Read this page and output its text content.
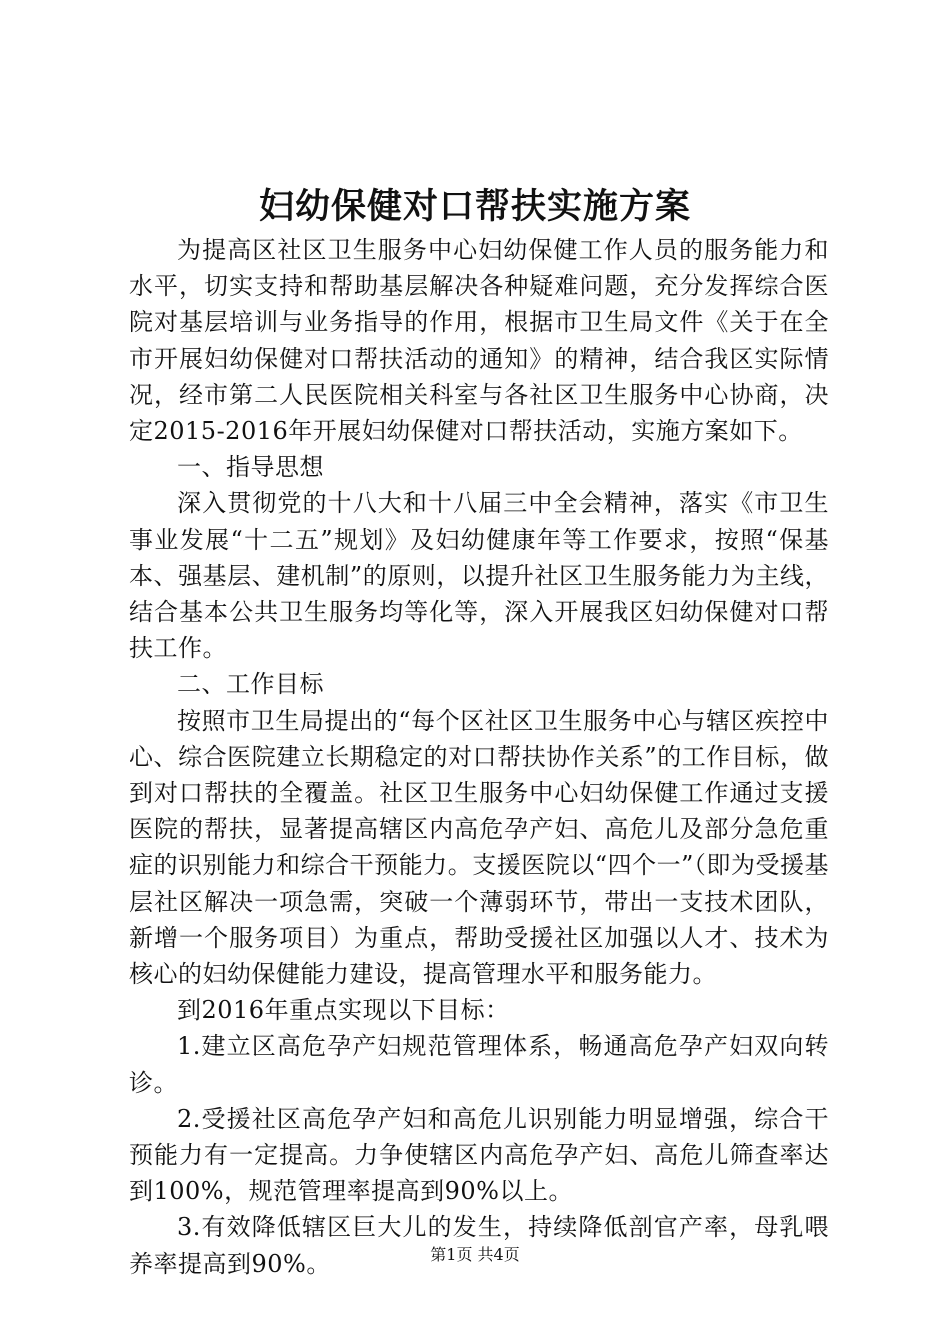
妇幼保健对口帮扶实施方案

为提高区社区卫生服务中心妇幼保健工作人员的服务能力和水平，切实支持和帮助基层解决各种疑难问题，充分发挥综合医院对基层培训与业务指导的作用，根据市卫生局文件《关于在全市开展妇幼保健对口帮扶活动的通知》的精神，结合我区实际情况，经市第二人民医院相关科室与各社区卫生服务中心协商，决定2015-2016年开展妇幼保健对口帮扶活动，实施方案如下。

一、指导思想

深入贯彻党的十八大和十八届三中全会精神，落实《市卫生事业发展“十二五”规划》及妇幼健康年等工作要求，按照“保基本、强基层、建机制”的原则，以提升社区卫生服务能力为主线，结合基本公共卫生服务均等化等，深入开展我区妇幼保健对口帮扶工作。

二、工作目标

按照市卫生局提出的“每个区社区卫生服务中心与辖区疾控中心、综合医院建立长期稳定的对口帮扶协作关系”的工作目标，做到对口帮扶的全覆盖。社区卫生服务中心妇幼保健工作通过支援医院的帮扶，显著提高辖区内高危孕产妇、高危儿及部分急危重症的识别能力和综合干预能力。支援医院以“四个一”（即为受援基层社区解决一项急需，突破一个薄弱环节，带出一支技术团队，新增一个服务项目）为重点，帮助受援社区加强以人才、技术为核心的妇幼保健能力建设，提高管理水平和服务能力。

到2016年重点实现以下目标：

1.建立区高危孕产妇规范管理体系，畅通高危孕产妇双向转诊。

2.受援社区高危孕产妇和高危儿识别能力明显增强，综合干预能力有一定提高。力争使辖区内高危孕产妇、高危儿筛查率达到100%，规范管理率提高到90%以上。

3.有效降低辖区巨大儿的发生，持续降低剖官产率，母乳喂养率提高到90%。	第1页 共4页
